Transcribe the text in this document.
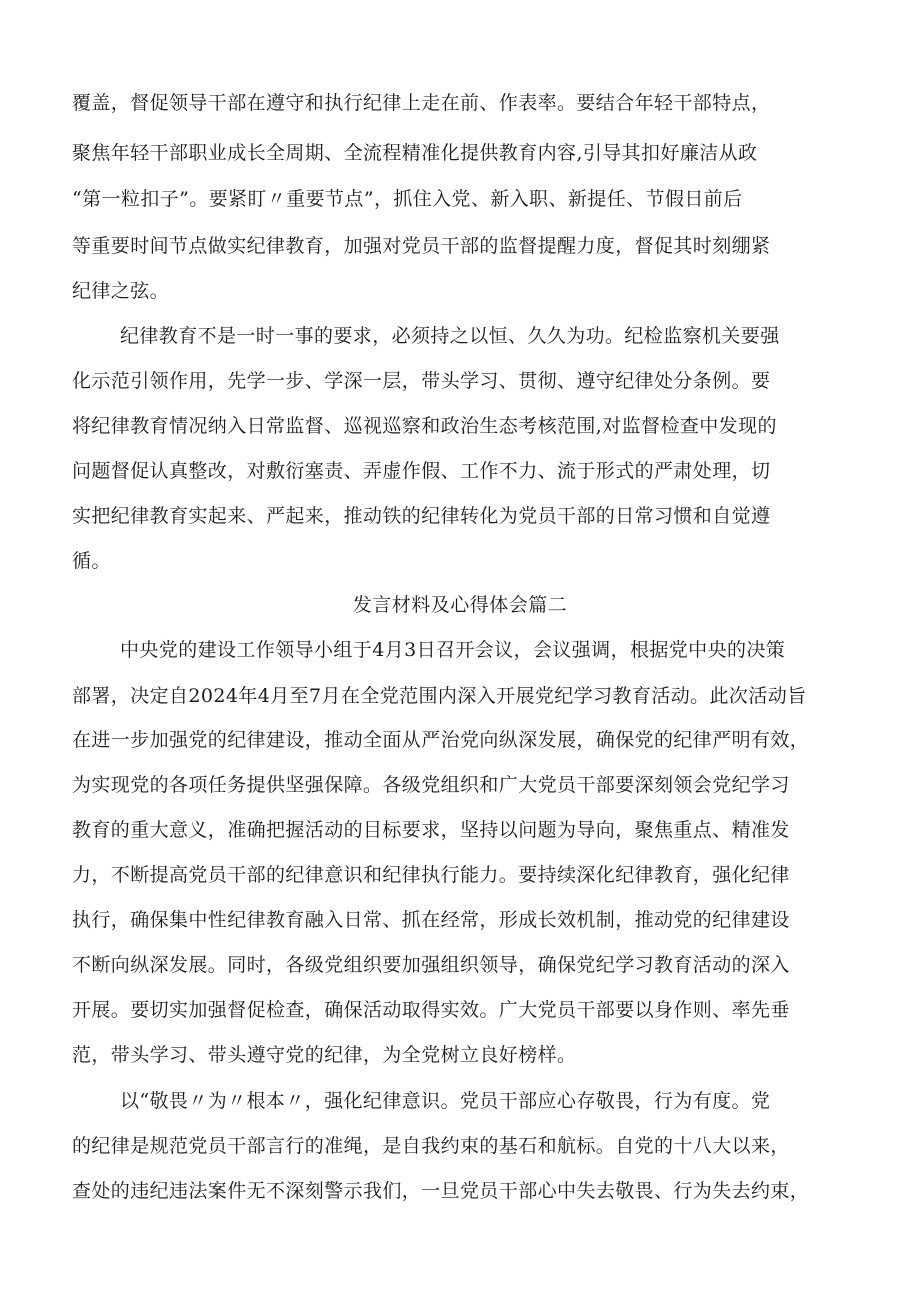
覆盖，督促领导干部在遵守和执行纪律上走在前、作表率。要结合年轻干部特点，
聚焦年轻干部职业成长全周期、全流程精准化提供教育内容,引导其扣好廉洁从政
“第一粒扣子”。要紧盯〃重要节点”，抓住入党、新入职、新提任、节假日前后
等重要时间节点做实纪律教育，加强对党员干部的监督提醒力度，督促其时刻绷紧
纪律之弦。
纪律教育不是一时一事的要求，必须持之以恒、久久为功。纪检监察机关要强
化示范引领作用，先学一步、学深一层，带头学习、贯彻、遵守纪律处分条例。要
将纪律教育情况纳入日常监督、巡视巡察和政治生态考核范围,对监督检查中发现的
问题督促认真整改，对敷衍塞责、弄虚作假、工作不力、流于形式的严肃处理，切
实把纪律教育实起来、严起来，推动铁的纪律转化为党员干部的日常习惯和自觉遵
循。
发言材料及心得体会篇二
中央党的建设工作领导小组于4月3日召开会议，会议强调，根据党中央的决策
部署，决定自2024年4月至7月在全党范围内深入开展党纪学习教育活动。此次活动旨
在进一步加强党的纪律建设，推动全面从严治党向纵深发展，确保党的纪律严明有效，
为实现党的各项任务提供坚强保障。各级党组织和广大党员干部要深刻领会党纪学习
教育的重大意义，准确把握活动的目标要求，坚持以问题为导向，聚焦重点、精准发
力，不断提高党员干部的纪律意识和纪律执行能力。要持续深化纪律教育，强化纪律
执行，确保集中性纪律教育融入日常、抓在经常，形成长效机制，推动党的纪律建设
不断向纵深发展。同时，各级党组织要加强组织领导，确保党纪学习教育活动的深入
开展。要切实加强督促检查，确保活动取得实效。广大党员干部要以身作则、率先垂
范，带头学习、带头遵守党的纪律，为全党树立良好榜样。
以“敬畏〃为〃根本〃，强化纪律意识。党员干部应心存敬畏，行为有度。党
的纪律是规范党员干部言行的准绳，是自我约束的基石和航标。自党的十八大以来，
查处的违纪违法案件无不深刻警示我们，一旦党员干部心中失去敬畏、行为失去约束，
